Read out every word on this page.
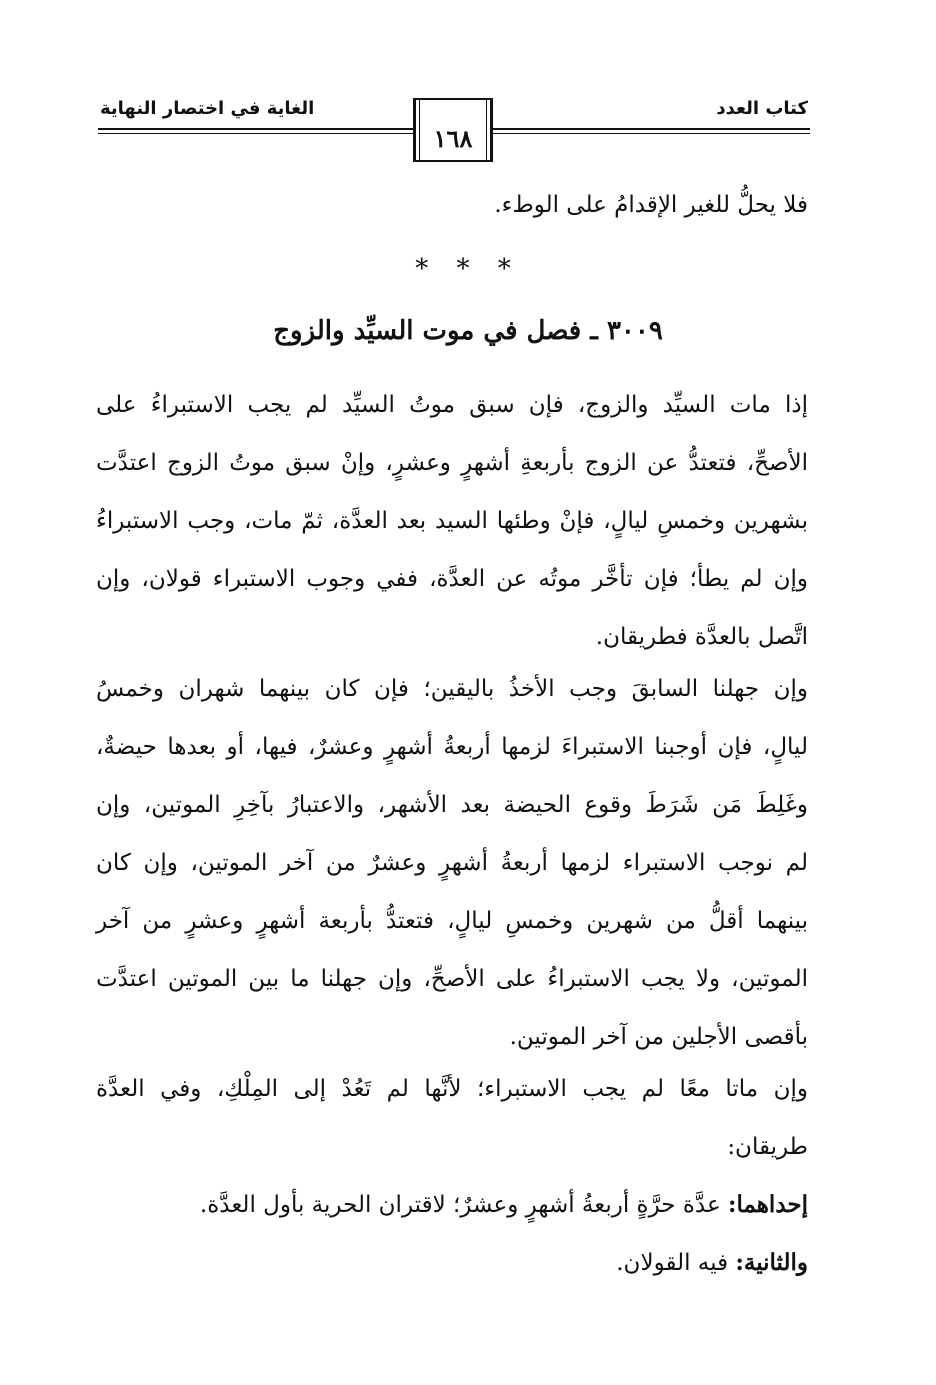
كتاب العدد
الغاية في اختصار النهاية
١٦٨
فلا يحلُّ للغير الإقدامُ على الوطء.
* * *
٣٠٠٩ ـ فصل في موت السيِّد والزوج
إذا مات السيِّد والزوج، فإن سبق موتُ السيِّد لم يجب الاستبراءُ على
الأصحِّ، فتعتدُّ عن الزوج بأربعةِ أشهرٍ وعشرٍ، وإنْ سبق موتُ الزوج اعتدَّت
بشهرين وخمسِ ليالٍ، فإنْ وطئها السيد بعد العدَّة، ثمّ مات، وجب الاستبراءُ
وإن لم يطأ؛ فإن تأخَّر موتُه عن العدَّة، ففي وجوب الاستبراء قولان، وإن
اتَّصل بالعدَّة فطريقان.
وإن جهلنا السابقَ وجب الأخذُ باليقين؛ فإن كان بينهما شهران وخمسُ
ليالٍ، فإن أوجبنا الاستبراءَ لزمها أربعةُ أشهرٍ وعشرٌ، فيها، أو بعدها حيضةٌ،
وغَلِطَ مَن شَرَطَ وقوع الحيضة بعد الأشهر، والاعتبارُ بآخِرِ الموتين، وإن
لم نوجب الاستبراء لزمها أربعةُ أشهرٍ وعشرٌ من آخر الموتين، وإن كان
بينهما أقلُّ من شهرين وخمسِ ليالٍ، فتعتدُّ بأربعة أشهرٍ وعشرٍ من آخر
الموتين، ولا يجب الاستبراءُ على الأصحِّ، وإن جهلنا ما بين الموتين اعتدَّت
بأقصى الأجلين من آخر الموتين.
وإن ماتا معًا لم يجب الاستبراء؛ لأنَّها لم تَعُدْ إلى المِلْكِ، وفي العدَّة
طريقان:
إحداهما: عدَّة حرَّةٍ أربعةُ أشهرٍ وعشرٌ؛ لاقتران الحرية بأول العدَّة.
والثانية: فيه القولان.
